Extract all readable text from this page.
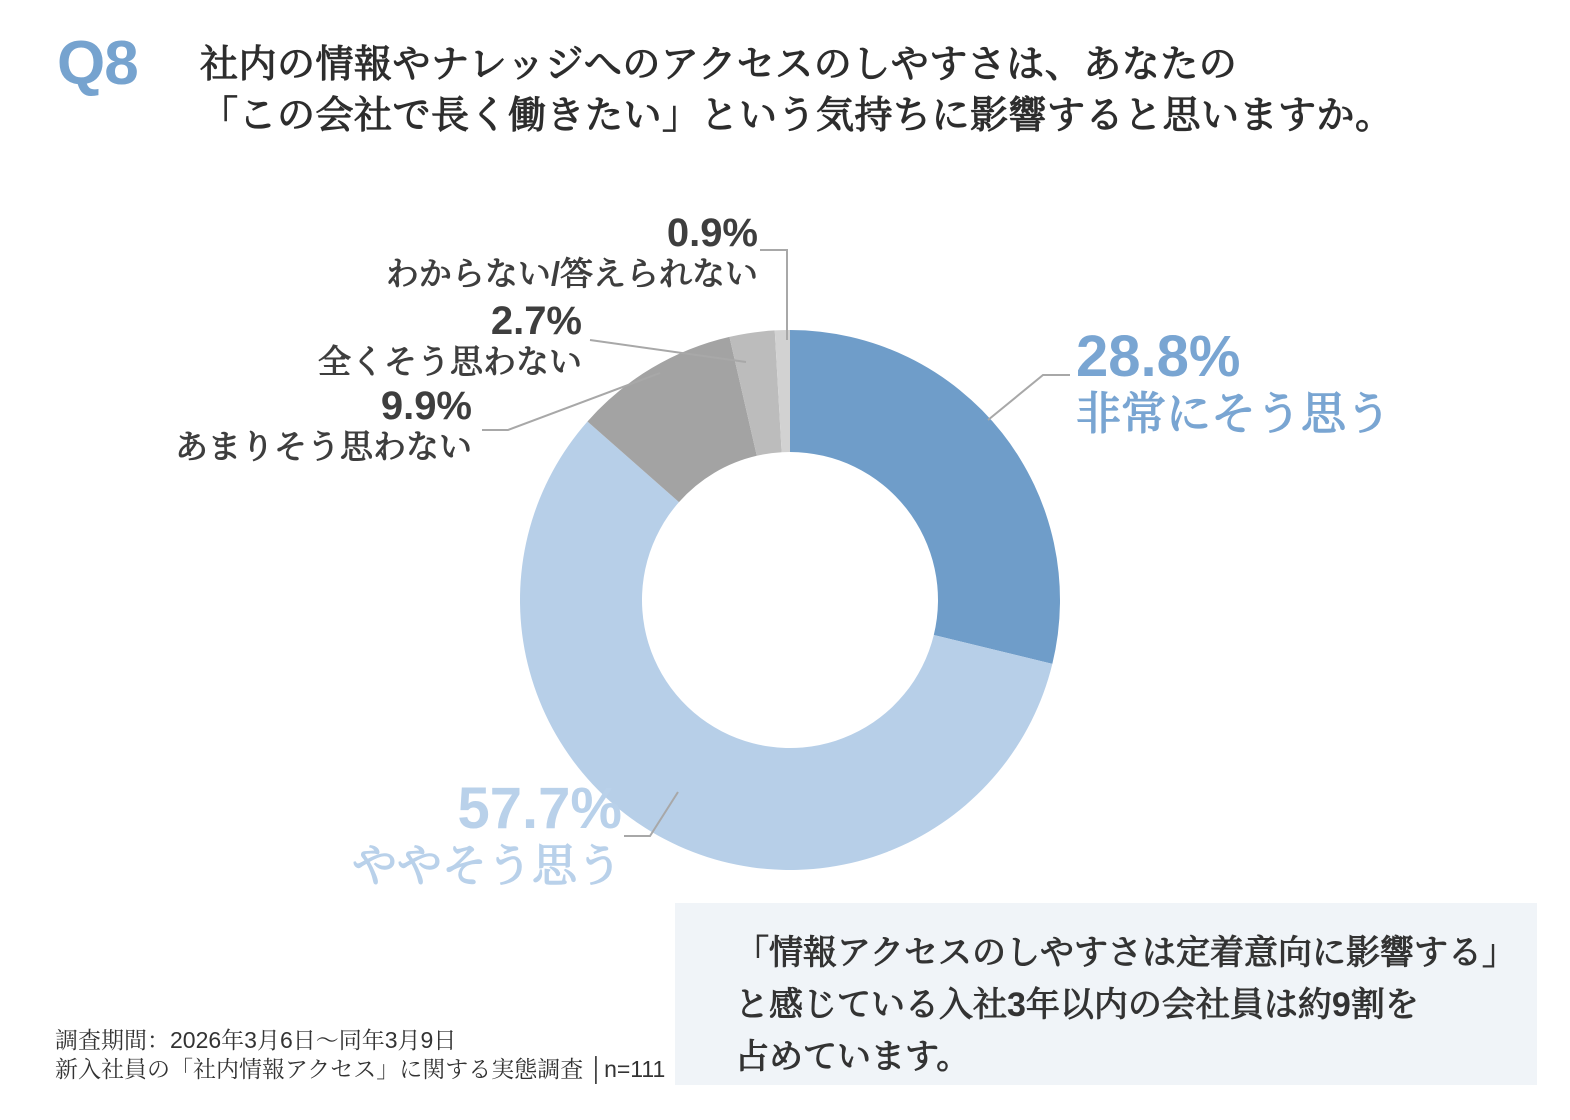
Q8 社内の情報やナレッジへのアクセスのしやすさは、あなたの
「この会社で長く働きたい」という気持ちに影響すると思いますか。
0.9%
わからない/答えられない
2.7%
全くそう思わない
9.9%
あまりそう思わない
28.8%
非常にそう思う
57.7%
ややそう思う
「情報アクセスのしやすさは定着意向に影響する」
と感じている入社3年以内の会社員は約9割を
占めています。
調査期間：2026年3月6日～同年3月9日
新入社員の「社内情報アクセス」に関する実態調査 │n=111
